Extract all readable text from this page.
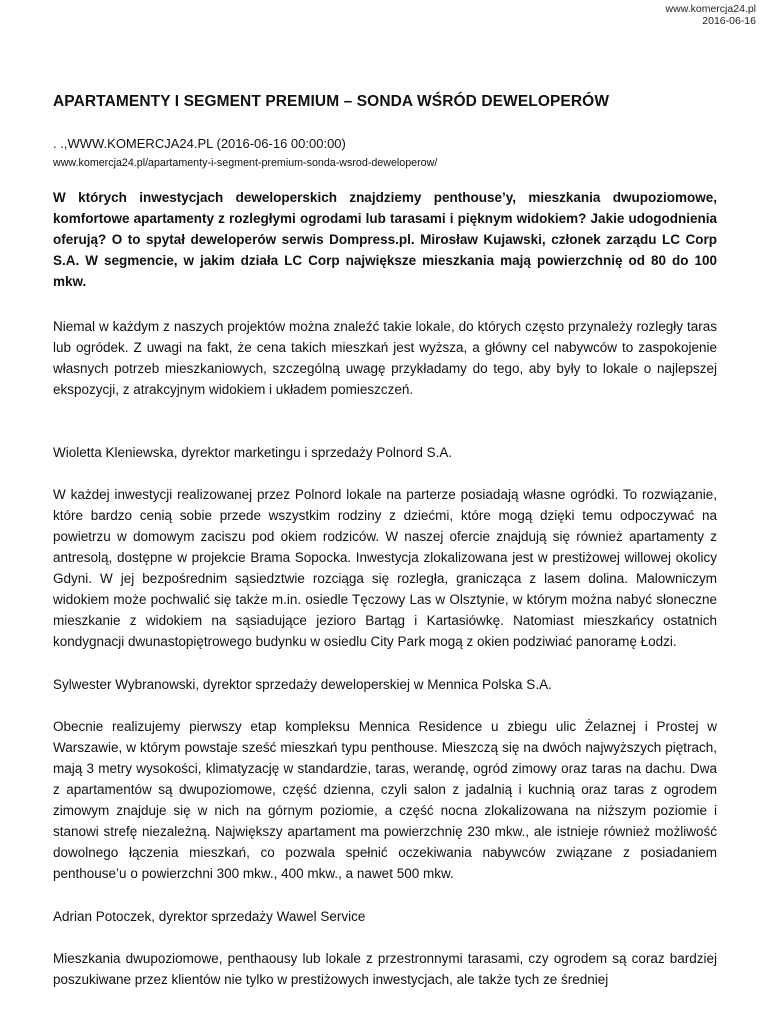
www.komercja24.pl
2016-06-16
APARTAMENTY I SEGMENT PREMIUM – SONDA WŚRÓD DEWELOPERÓW
. .,WWW.KOMERCJA24.PL (2016-06-16 00:00:00)
www.komercja24.pl/apartamenty-i-segment-premium-sonda-wsrod-deweloperow/

W których inwestycjach deweloperskich znajdziemy penthouse’y, mieszkania dwupoziomowe, komfortowe apartamenty z rozległymi ogrodami lub tarasami i pięknym widokiem? Jakie udogodnienia oferują? O to spytał deweloperów serwis Dompress.pl. Mirosław Kujawski, członek zarządu LC Corp S.A. W segmencie, w jakim działa LC Corp największe mieszkania mają powierzchnię od 80 do 100 mkw.

Niemal w każdym z naszych projektów można znaleźć takie lokale, do których często przynależy rozległy taras lub ogródek. Z uwagi na fakt, że cena takich mieszkań jest wyższa, a główny cel nabywców to zaspokojenie własnych potrzeb mieszkaniowych, szczególną uwagę przykładamy do tego, aby były to lokale o najlepszej ekspozycji, z atrakcyjnym widokiem i układem pomieszczeń.

Wioletta Kleniewska, dyrektor marketingu i sprzedaży Polnord S.A.

W każdej inwestycji realizowanej przez Polnord lokale na parterze posiadają własne ogródki. To rozwiązanie, które bardzo cenią sobie przede wszystkim rodziny z dziećmi, które mogą dzięki temu odpoczywać na powietrzu w domowym zaciszu pod okiem rodziców. W naszej ofercie znajdują się również apartamenty z antresolą, dostępne w projekcie Brama Sopocka. Inwestycja zlokalizowana jest w prestiżowej willowej okolicy Gdyni. W jej bezpośrednim sąsiedztwie rozciąga się rozległa, granicząca z lasem dolina. Malowniczym widokiem może pochwalić się także m.in. osiedle Tęczowy Las w Olsztynie, w którym można nabyć słoneczne mieszkanie z widokiem na sąsiadujące jezioro Bartąg i Kartasiówkę. Natomiast mieszkańcy ostatnich kondygnacji dwunastopiętrowego budynku w osiedlu City Park mogą z okien podziwiać panoramę Łodzi.

Sylwester Wybranowski, dyrektor sprzedaży deweloperskiej w Mennica Polska S.A.

Obecnie realizujemy pierwszy etap kompleksu Mennica Residence u zbiegu ulic Żelaznej i Prostej w Warszawie, w którym powstaje sześć mieszkań typu penthouse. Mieszczą się na dwóch najwyższych piętrach, mają 3 metry wysokości, klimatyzację w standardzie, taras, werandę, ogród zimowy oraz taras na dachu. Dwa z apartamentów są dwupoziomowe, część dzienna, czyli salon z jadalnią i kuchnią oraz taras z ogrodem zimowym znajduje się w nich na górnym poziomie, a część nocna zlokalizowana na niższym poziomie i stanowi strefę niezależną. Największy apartament ma powierzchnię 230 mkw., ale istnieje również możliwość dowolnego łączenia mieszkań, co pozwala spełnić oczekiwania nabywców związane z posiadaniem penthouse’u o powierzchni 300 mkw., 400 mkw., a nawet 500 mkw.

Adrian Potoczek, dyrektor sprzedaży Wawel Service

Mieszkania dwupoziomowe, penthaousy lub lokale z przestronnymi tarasami, czy ogrodem są coraz bardziej poszukiwane przez klientów nie tylko w prestiżowych inwestycjach, ale także tych ze średniej
